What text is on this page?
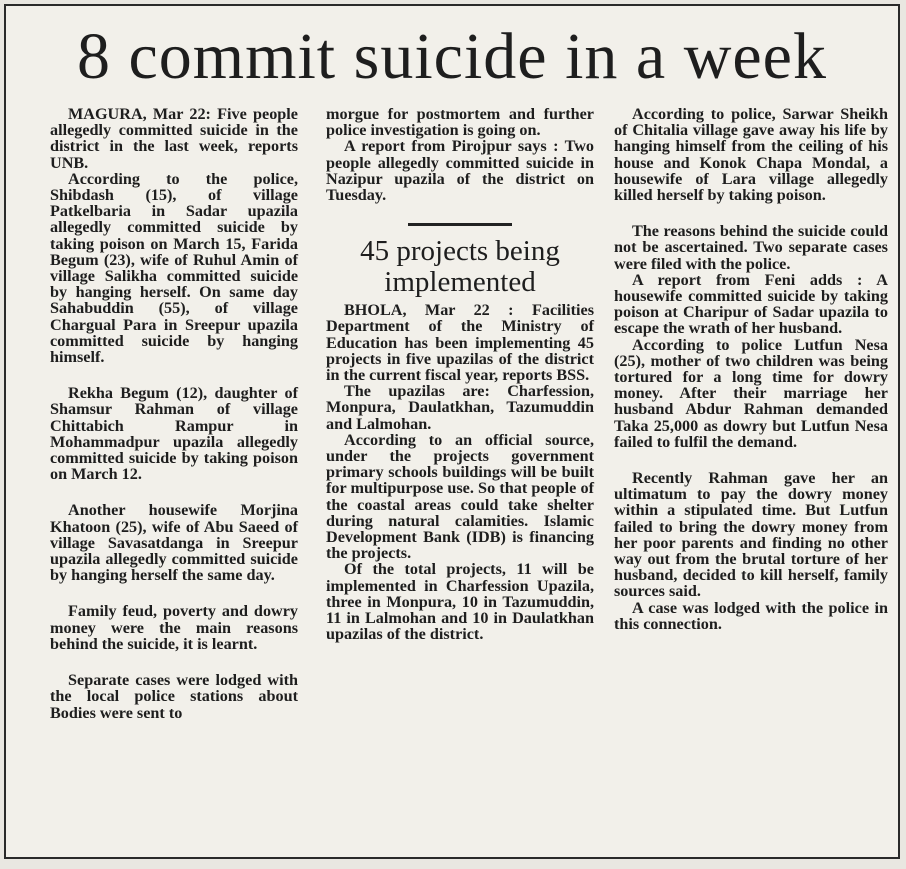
8 commit suicide in a week

MAGURA, Mar 22: Five people allegedly committed suicide in the district in the last week, reports UNB.

According to the police, Shibdash (15), of village Patkelbaria in Sadar upazila allegedly committed suicide by taking poison on March 15, Farida Begum (23), wife of Ruhul Amin of village Salikha committed suicide by hanging herself. On same day Sahabuddin (55), of village Chargual Para in Sreepur upazila committed suicide by hanging himself.

Rekha Begum (12), daughter of Shamsur Rahman of village Chittabich Rampur in Mohammadpur upazila allegedly committed suicide by taking poison on March 12.

Another housewife Morjina Khatoon (25), wife of Abu Saeed of village Savasatdanga in Sreepur upazila allegedly committed suicide by hanging herself the same day.

Family feud, poverty and dowry money were the main reasons behind the suicide, it is learnt.

Separate cases were lodged with the local police stations about Bodies were sent to

morgue for postmortem and further police investigation is going on.

A report from Pirojpur says : Two people allegedly committed suicide in Nazipur upazila of the district on Tuesday.

45 projects being implemented

BHOLA, Mar 22 : Facilities Department of the Ministry of Education has been implementing 45 projects in five upazilas of the district in the current fiscal year, reports BSS.

The upazilas are: Charfession, Monpura, Daulatkhan, Tazumuddin and Lalmohan.

According to an official source, under the projects government primary schools buildings will be built for multipurpose use. So that people of the coastal areas could take shelter during natural calamities. Islamic Development Bank (IDB) is financing the projects.

Of the total projects, 11 will be implemented in Charfession Upazila, three in Monpura, 10 in Tazumuddin, 11 in Lalmohan and 10 in Daulatkhan upazilas of the district.

According to police, Sarwar Sheikh of Chitalia village gave away his life by hanging himself from the ceiling of his house and Konok Chapa Mondal, a housewife of Lara village allegedly killed herself by taking poison.

The reasons behind the suicide could not be ascertained. Two separate cases were filed with the police.

A report from Feni adds : A housewife committed suicide by taking poison at Charipur of Sadar upazila to escape the wrath of her husband.

According to police Lutfun Nesa (25), mother of two children was being tortured for a long time for dowry money. After their marriage her husband Abdur Rahman demanded Taka 25,000 as dowry but Lutfun Nesa failed to fulfil the demand.

Recently Rahman gave her an ultimatum to pay the dowry money within a stipulated time. But Lutfun failed to bring the dowry money from her poor parents and finding no other way out from the brutal torture of her husband, decided to kill herself, family sources said.

A case was lodged with the police in this connection.
